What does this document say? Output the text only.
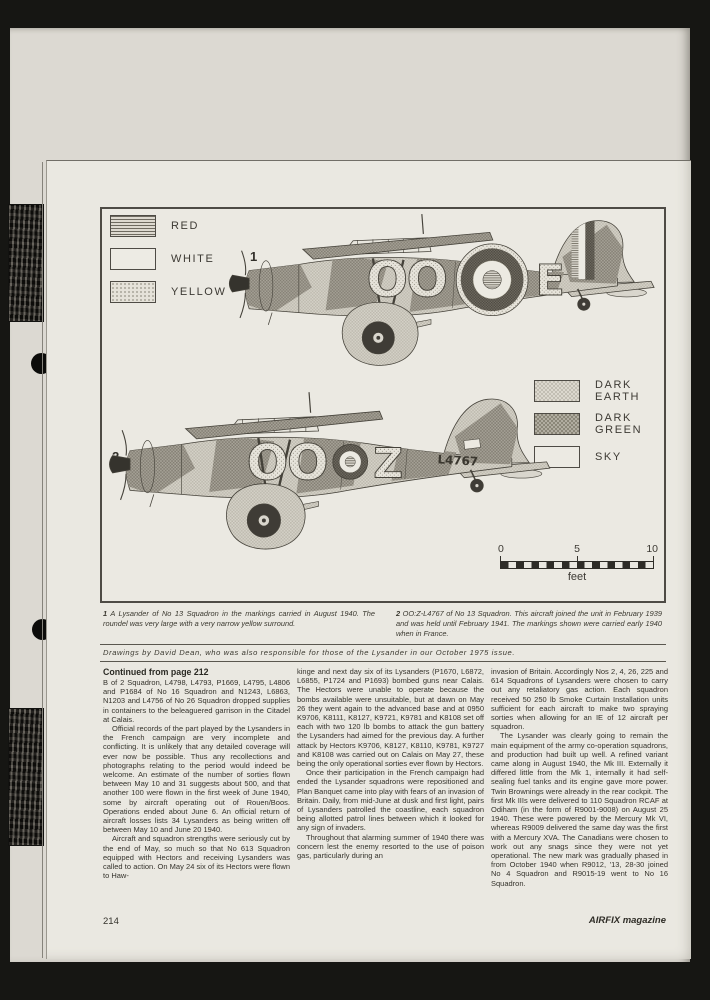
RED
WHITE
YELLOW
DARK EARTH
DARK GREEN
SKY
1 OO E
OO Z L4767
0	5	10
feet
1 A Lysander of No 13 Squadron in the markings carried in August 1940. The roundel was very large with a very narrow yellow surround.
2 OO:Z-L4767 of No 13 Squadron. This aircraft joined the unit in February 1939 and was held until February 1941. The markings shown were carried early 1940 when in France.
Drawings by David Dean, who was also responsible for those of the Lysander in our October 1975 issue.
Continued from page 212

B of 2 Squadron, L4798, L4793, P1669, L4795, L4806 and P1684 of No 16 Squadron and N1243, L6863, N1203 and L4756 of No 26 Squadron dropped supplies in containers to the beleaguered garrison in the Citadel at Calais.

Official records of the part played by the Lysanders in the French campaign are very incomplete and conflicting. It is unlikely that any detailed coverage will ever now be possible. Thus any recollections and photographs relating to the period would indeed be welcome. An estimate of the number of sorties flown between May 10 and 31 suggests about 500, and that another 100 were flown in the first week of June 1940, some by aircraft operating out of Rouen/Boos. Operations ended about June 6. An official return of aircraft losses lists 34 Lysanders as being written off between May 10 and June 20 1940.

Aircraft and squadron strengths were seriously cut by the end of May, so much so that No 613 Squadron equipped with Hectors and receiving Lysanders was called to action. On May 24 six of its Hectors were flown to Haw-

kinge and next day six of its Lysanders (P1670, L6872, L6855, P1724 and P1693) bombed guns near Calais. The Hectors were unable to operate because the bombs available were unsuitable, but at dawn on May 26 they went again to the advanced base and at 0950 K9706, K8111, K8127, K9721, K9781 and K8108 set off each with two 120 lb bombs to attack the gun battery the Lysanders had aimed for the previous day. A further attack by Hectors K9706, K8127, K8110, K9781, K9727 and K8108 was carried out on Calais on May 27, these being the only operational sorties ever flown by Hectors.

Once their participation in the French campaign had ended the Lysander squadrons were repositioned and Plan Banquet came into play with fears of an invasion of Britain. Daily, from mid-June at dusk and first light, pairs of Lysanders patrolled the coastline, each squadron being allotted patrol lines between which it looked for any sign of invaders.

Throughout that alarming summer of 1940 there was concern lest the enemy resorted to the use of poison gas, particularly during an

invasion of Britain. Accordingly Nos 2, 4, 26, 225 and 614 Squadrons of Lysanders were chosen to carry out any retaliatory gas action. Each squadron received 50 250 lb Smoke Curtain Installation units sufficient for each aircraft to make two spraying sorties when allowing for an IE of 12 aircraft per squadron.

The Lysander was clearly going to remain the main equipment of the army co-operation squadrons, and production had built up well. A refined variant came along in August 1940, the Mk III. Externally it differed little from the Mk 1, internally it had self-sealing fuel tanks and its engine gave more power. Twin Brownings were already in the rear cockpit. The first Mk IIIs were delivered to 110 Squadron RCAF at Odiham (in the form of R9001-9008) on August 25 1940. These were powered by the Mercury Mk VI, whereas R9009 delivered the same day was the first with a Mercury XVA. The Canadians were chosen to work out any snags since they were not yet operational. The new mark was gradually phased in from October 1940 when R9012, '13, 28-30 joined No 4 Squadron and R9015-19 went to No 16 Squadron.

214	AIRFIX magazine
